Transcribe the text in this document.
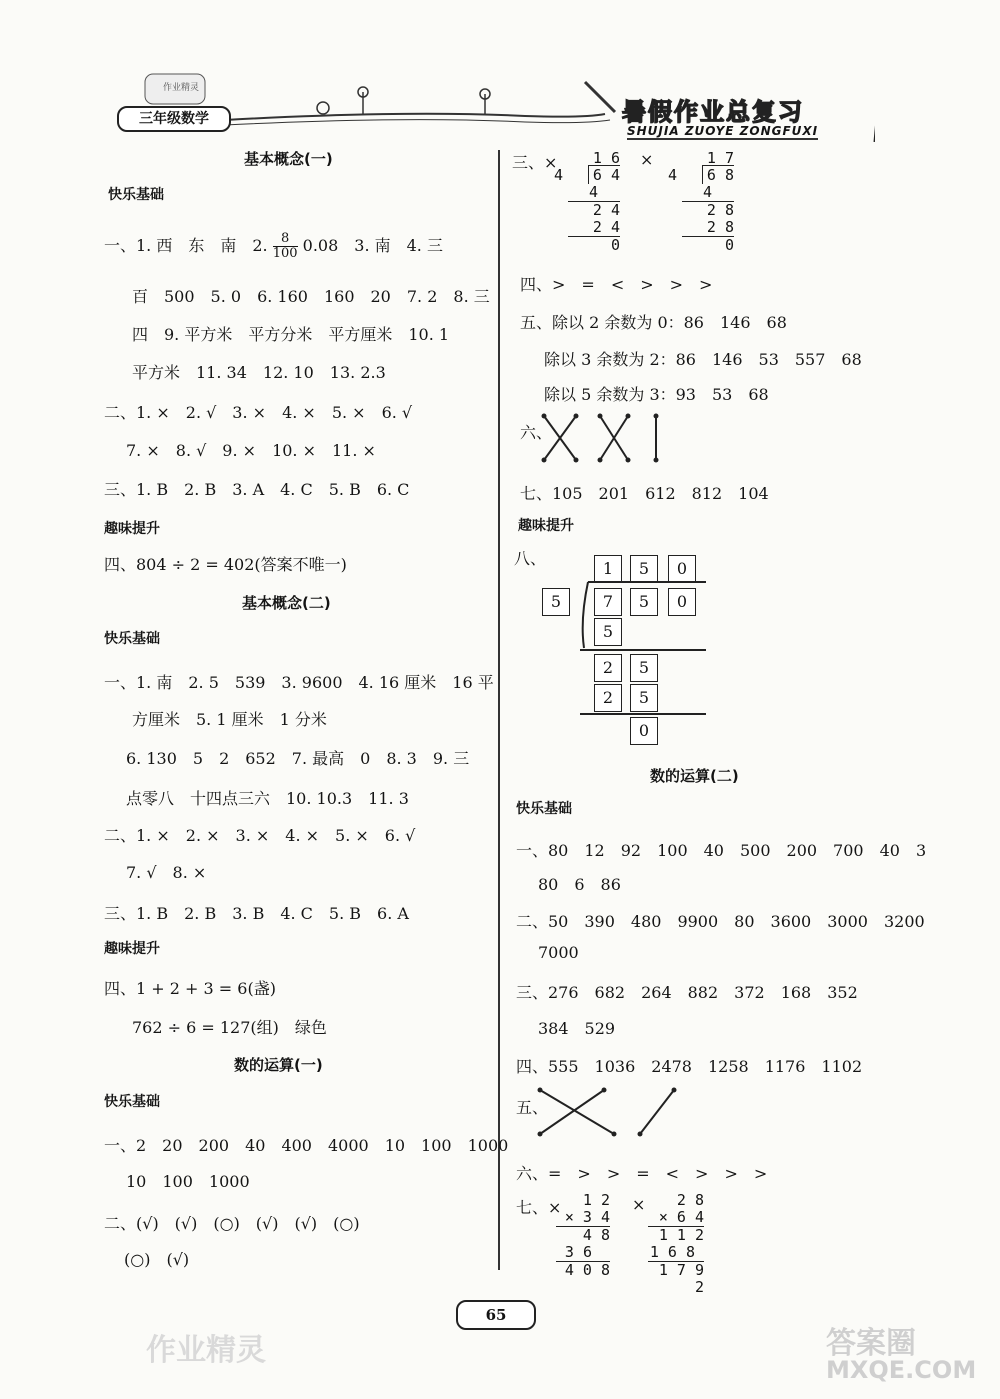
作业精灵
三年级数学	暑假作业总复习
SHUJIA ZUOYE ZONGFUXI
基本概念(一)
快乐基础
一、1. 西　东　南　2. $\frac{8}{100} 0.08$　3. 南　4. 三
百　500　5. 0　6. 160　160　20　7. 2　8. 三
四　9. 平方米　平方分米　平方厘米　10. 1
平方米　11. 34　12. 10　13. 2.3
二、1. ×　2. √　3. ×　4. ×　5. ×　6. √
7. ×　8. √　9. ×　10. ×　11. ×
三、1. B　2. B　3. A　4. C　5. B　6. C
趣味提升
四、804 ÷ 2 = 402(答案不唯一)
基本概念(二)
快乐基础
一、1. 南　2. 5　539　3. 9600　4. 16 厘米　16 平
方厘米　5. 1 厘米　1 分米
6. 130　5　2　652　7. 最高　0　8. 3　9. 三
点零八　十四点三六　10. 10.3　11. 3
二、1. ×　2. ×　3. ×　4. ×　5. ×　6. √
7. √　8. ×
三、1. B　2. B　3. B　4. C　5. B　6. A
趣味提升
四、1 + 2 + 3 = 6(盏)
762 ÷ 6 = 127(组)　绿色
数的运算(一)
快乐基础
一、2　20　200　40　400　4000　10　100　1000
10　100　1000
二、(√)　(√)　(○)　(√)　(√)　(○)
(○)　(√)
三、×	1 6
4 6 4
4
2 4
2 4
0
×	1 7
4 6 8
4
2 8
2 8
0
四、>　=　<　>　>　>
五、除以 2 余数为 0：86　146　68
除以 3 余数为 2：86　146　53　557　68
除以 5 余数为 3：93　53　68
六、
七、105　201　612　812　104
趣味提升
八、
1	5	0
5	7	5	0
5
2	5
2	5
0
数的运算(二)
快乐基础
一、80　12　92　100　40　500　200　700　40　3
80　6　86
二、50　390　480　9900　80　3600　3000　3200
7000
三、276　682　264　882　372　168　352
384　529
四、555　1036　2478　1258　1176　1102
五、
六、=　>　>　=　<　>　>　>
七、×	1 2
× 3 4
4 8
3 6
4 0 8
×	2 8
× 6 4
1 1 2
1 6 8
1 7 9 2
65
作业精灵	答案圈
MXQE.COM
